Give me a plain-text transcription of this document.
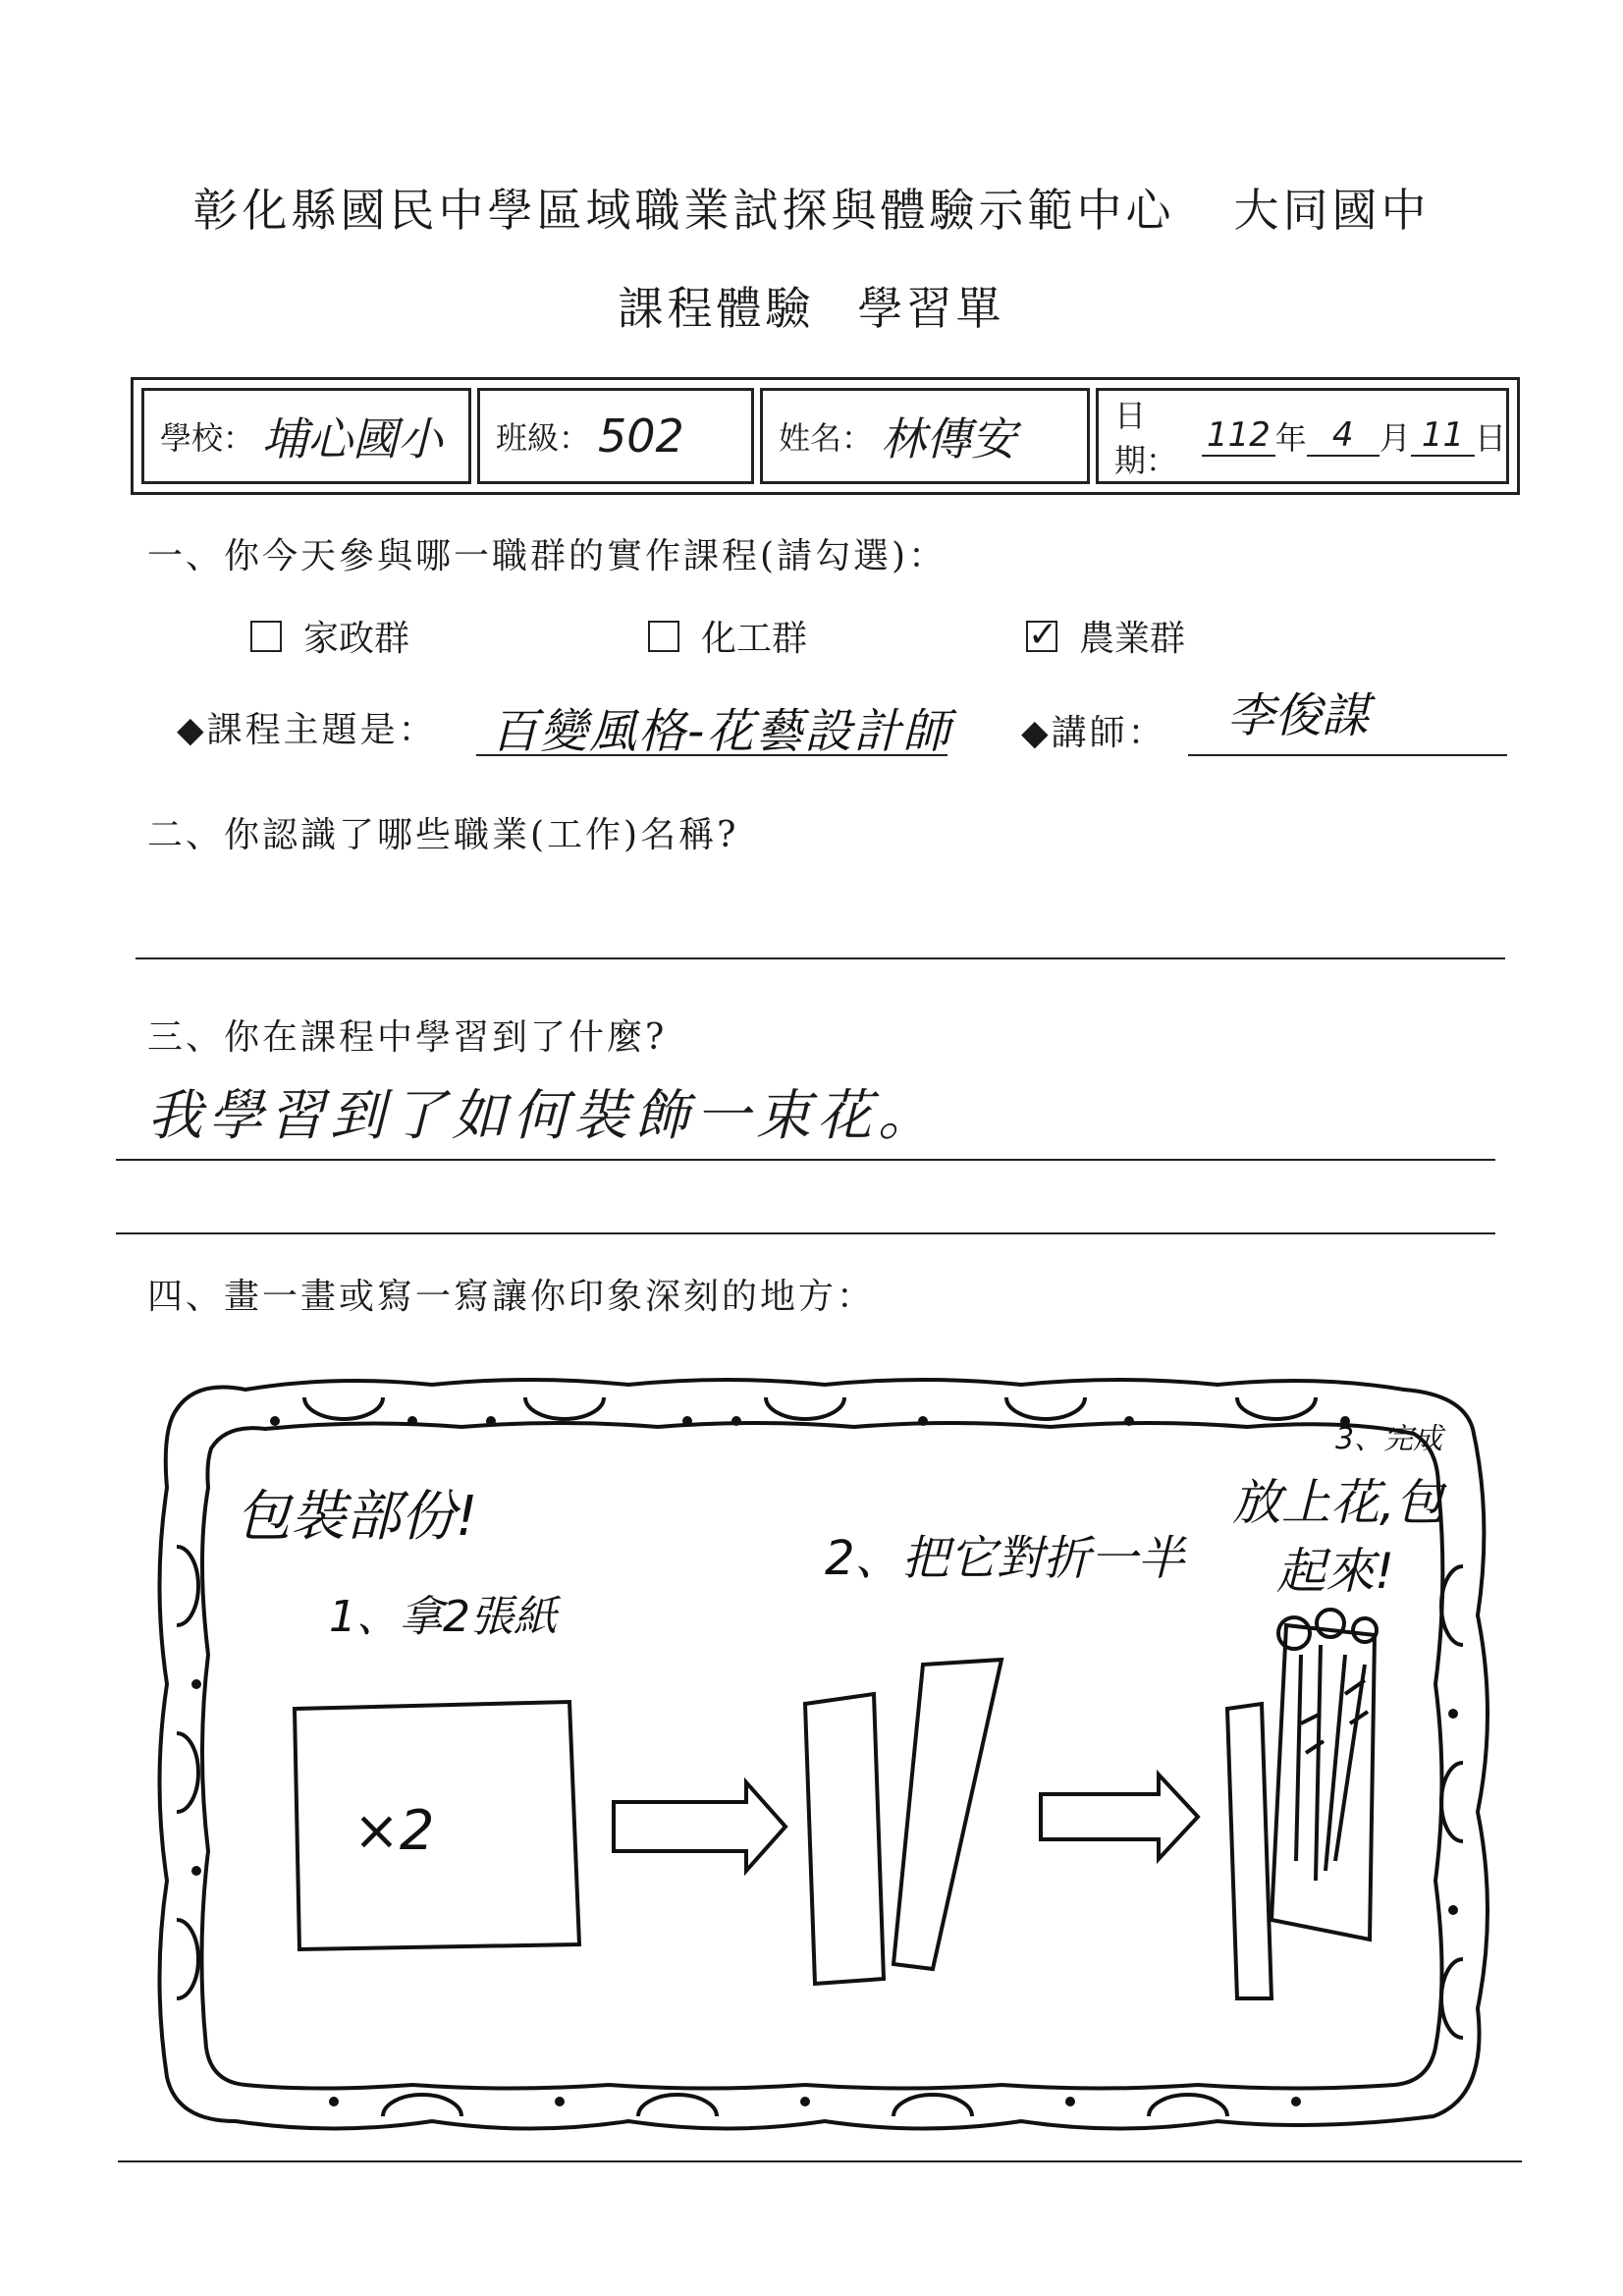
彰化縣國民中學區域職業試探與體驗示範中心 大同國中
課程體驗 學習單
學校： 埔心國小 班級： 502	姓名： 林傳安	日期：
112 年 4 月 11 日
一、你今天參與哪一職群的實作課程(請勾選)：
家政群	化工群
✓	農業群
◆課程主題是： 百變風格-花藝設計師 ◆講師： 李俊謀
二、你認識了哪些職業(工作)名稱?
三、你在課程中學習到了什麼?
我學習到了如何裝飾一束花。
四、畫一畫或寫一寫讓你印象深刻的地方：
包裝部份!
1、拿2張紙
×2
2、把它對折一半
3、完成
放上花,包
起來!
